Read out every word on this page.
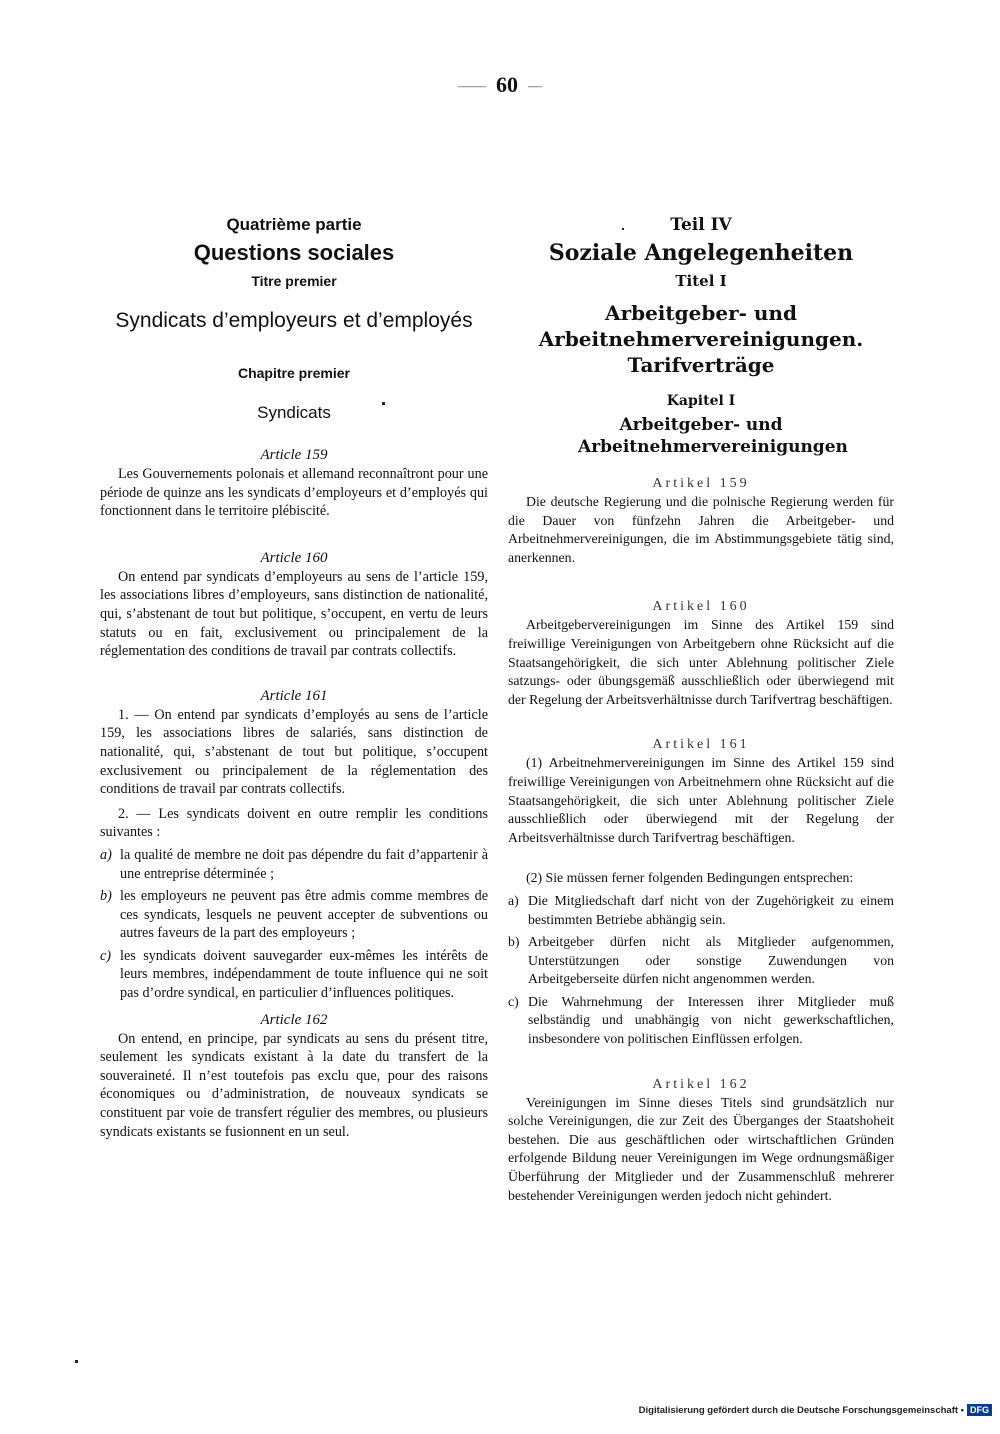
—— 60 —
Quatrième partie
Questions sociales
Titre premier
Syndicats d’employeurs et d’employés
Chapitre premier
Syndicats
Article 159

Les Gouvernements polonais et allemand reconnaîtront pour une période de quinze ans les syndicats d’employeurs et d’employés qui fonctionnent dans le territoire plébiscité.

Article 160

On entend par syndicats d’employeurs au sens de l’article 159, les associations libres d’employeurs, sans distinction de nationalité, qui, s’abstenant de tout but politique, s’occupent, en vertu de leurs statuts ou en fait, exclusivement ou principalement de la réglementation des conditions de travail par contrats collectifs.

Article 161

1. — On entend par syndicats d’employés au sens de l’article 159, les associations libres de salariés, sans distinction de nationalité, qui, s’abstenant de tout but politique, s’occupent exclusivement ou principalement de la réglementation des conditions de travail par contrats collectifs.

2. — Les syndicats doivent en outre remplir les conditions suivantes :

a) la qualité de membre ne doit pas dépendre du fait d’appartenir à une entreprise déterminée ;
b) les employeurs ne peuvent pas être admis comme membres de ces syndicats, lesquels ne peuvent accepter de subventions ou autres faveurs de la part des employeurs ;
c) les syndicats doivent sauvegarder eux-mêmes les intérêts de leurs membres, indépendamment de toute influence qui ne soit pas d’ordre syndical, en particulier d’influences politiques.
Article 162

On entend, en principe, par syndicats au sens du présent titre, seulement les syndicats existant à la date du transfert de la souveraineté. Il n’est toutefois pas exclu que, pour des raisons économiques ou d’administration, de nouveaux syndicats se constituent par voie de transfert régulier des membres, ou plusieurs syndicats existants se fusionnent en un seul.

Teil IV
Soziale Angelegenheiten
Titel I
Arbeitgeber- und Arbeitnehmervereinigungen. Tarifverträge
Kapitel I
Arbeitgeber- und Arbeitnehmervereinigungen
Artikel 159

Die deutsche Regierung und die polnische Regierung werden für die Dauer von fünfzehn Jahren die Arbeitgeber- und Arbeitnehmervereinigungen, die im Abstimmungsgebiete tätig sind, anerkennen.

Artikel 160

Arbeitgebervereinigungen im Sinne des Artikel 159 sind freiwillige Vereinigungen von Arbeitgebern ohne Rücksicht auf die Staatsangehörigkeit, die sich unter Ablehnung politischer Ziele satzungs- oder übungsgemäß ausschließlich oder überwiegend mit der Regelung der Arbeitsverhältnisse durch Tarifvertrag beschäftigen.

Artikel 161

(1) Arbeitnehmervereinigungen im Sinne des Artikel 159 sind freiwillige Vereinigungen von Arbeitnehmern ohne Rücksicht auf die Staatsangehörigkeit, die sich unter Ablehnung politischer Ziele ausschließlich oder überwiegend mit der Regelung der Arbeitsverhältnisse durch Tarifvertrag beschäftigen.

(2) Sie müssen ferner folgenden Bedingungen entsprechen:

a) Die Mitgliedschaft darf nicht von der Zugehörigkeit zu einem bestimmten Betriebe abhängig sein.
b) Arbeitgeber dürfen nicht als Mitglieder aufgenommen, Unterstützungen oder sonstige Zuwendungen von Arbeitgeberseite dürfen nicht angenommen werden.
c) Die Wahrnehmung der Interessen ihrer Mitglieder muß selbständig und unabhängig von nicht gewerkschaftlichen, insbesondere von politischen Einflüssen erfolgen.
Artikel 162

Vereinigungen im Sinne dieses Titels sind grundsätzlich nur solche Vereinigungen, die zur Zeit des Überganges der Staatshoheit bestehen. Die aus geschäftlichen oder wirtschaftlichen Gründen erfolgende Bildung neuer Vereinigungen im Wege ordnungsmäßiger Überführung der Mitglieder und der Zusammenschluß mehrerer bestehender Vereinigungen werden jedoch nicht gehindert.

Digitalisierung gefördert durch die Deutsche Forschungsgemeinschaft • DFG
